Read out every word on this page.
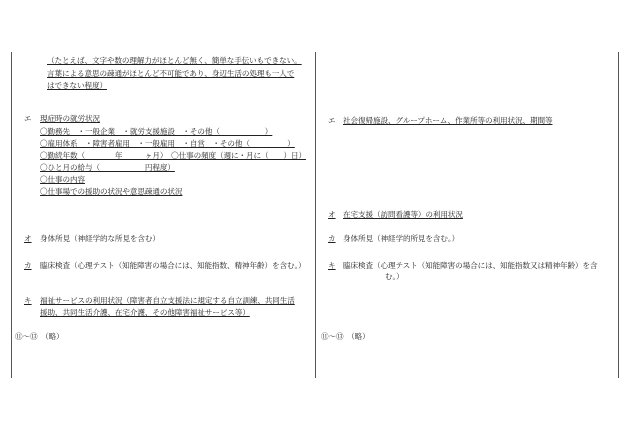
（たとえば、文字や数の理解力がほとんど無く、簡単な手伝いもできない。
言葉による意思の疎通がほとんど不可能であり、身辺生活の処理も一人で
はできない程度）
エ 現症時の就労状況
〇勤務先　・一般企業　・就労支援施設　・その他（　　　　　　）
〇雇用体系　・障害者雇用　・一般雇用　・自営　・その他（　　　　　）
〇勤続年数（　　　　年　　　ヶ月）　〇仕事の頻度（週に・月に（　　）日）
〇ひと月の給与（　　　　　　円程度）
〇仕事の内容
〇仕事場での援助の状況や意思疎通の状況
オ 身体所見（神経学的な所見を含む）
カ 臨床検査（心理テスト（知能障害の場合には、知能指数、精神年齢）を含む。）
キ 福祉サービスの利用状況（障害者自立支援法に規定する自立訓練、共同生活
援助、共同生活介護、在宅介護、その他障害福祉サービス等）
⑪～⑬　（略）
エ 社会復帰施設、グループホーム、作業所等の利用状況、期間等
オ 在宅支援（訪問看護等）の利用状況
カ 身体所見（神経学的所見を含む。）
キ 臨床検査（心理テスト（知能障害の場合には、知能指数又は精神年齢）を含
む。）
⑪～⑬　（略）
